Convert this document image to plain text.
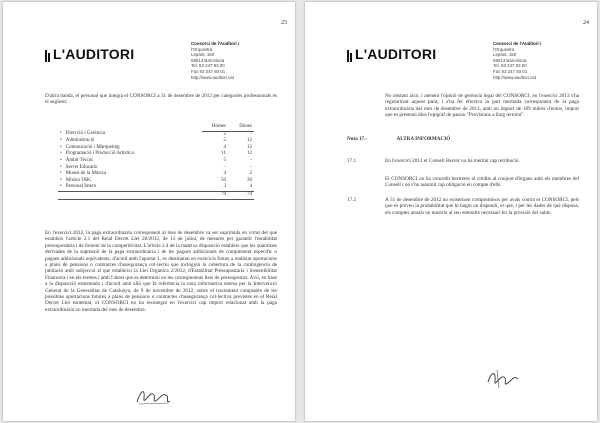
23
L'AUDITORI
Consorci de l'Auditori i
l'Orquestra
Lepant, 150
08013 Barcelona
Tel. 93 247 93 00
Fax 93 247 93 01
http://www.auditori.cat

D'altra banda, el personal que integra el CONSORCI a 31 de desembre de 2012 per categories professionals és el següent:

	Homes	Dones
• Direcció i Gerència	2	-
• Administració	5	12
• Comunicació i Màrqueting	4	12
• Programació i Producció Artística	11	12
• Àmbit Tècnic	5	-
• Servei Educatiu	-	-
• Museu de la Música	4	2
• Músics OBC	50	30
• Personal Intern	3	4
	79	74

En l'exercici 2012, la paga extraordinària corresponent al mes de desembre va ser suprimida en virtut del que estableix l'article 2.1 del Reial Decret Llei 20/2012, de 13 de juliol, de mesures per garantir l'estabilitat pressupostària i de foment de la competitivitat. L'article 2.4 de la mateixa disposició estableix que les quantitats derivades de la supressió de la paga extraordinària i de les pagues addicionals de complement específic o pagues addicionals equivalents, d'acord amb l'apartat 1, es destinaran en exercicis futurs a realitzar aportacions a plans de pensions o contractes d'assegurança col·lectiu que incloguin la cobertura de la contingència de jubilació amb subjecció al que estableixi la Llei Orgànica 2/2012, d'Estabilitat Pressupostària i Sostenibilitat Financera i en els termes i amb l'abast que es determini en les corresponents lleis de pressupostos. Així, en base a la disposició esmentada i d'acord amb allò que fa referència la nota informativa emesa per la Intervenció General de la Generalitat de Catalunya, de 9 de novembre de 2012, sobre el tractament comptable de les possibles aportacions futures a plans de pensions o contractes d'assegurança col·lectiva previstes en el Reial Decret Llei esmentat, el CONSORCI no ha reconegut en l'exercici cap import relacionat amb la paga extraordinària no meritada del mes de desembre.

24
L'AUDITORI
Consorci de l'Auditori i
l'Orquestra
Lepant, 150
08013 Barcelona
Tel. 93 247 93 00
Fax 93 247 93 01
http://www.auditori.cat

No obstant això, i atenent l'opinió de gerència legal del CONSORCI, en l'exercici 2013 s'ha regularitzat aquest punt, i s'ha fet efectiva la part meritada corresponent de la paga extraordinària del mes de desembre de 2012, amb un import de 109 milers d'euros, import que es presenta dins l'epígraf de passiu "Provisions a llarg termini".

Nota 17.-	ALTRA INFORMACIÓ
17.1	En l'exercici 2012 el Consell Rector no ha meritat cap retribució.

El CONSORCI no ha concedit bestretes ni crèdits al conjunt d'òrgans amb els membres del Consell i no s'ha assumit cap obligació en compte d'ells.

17.2	A 31 de desembre de 2012 no existeixen compromisos per avals contra el CONSORCI, pels que es preveu la probabilitat que hi hagin un dispendi, el que, i per les dades de què disposa, els comptes anuals no mostrin al seu entendre necessari fer la provisió del saldo.
